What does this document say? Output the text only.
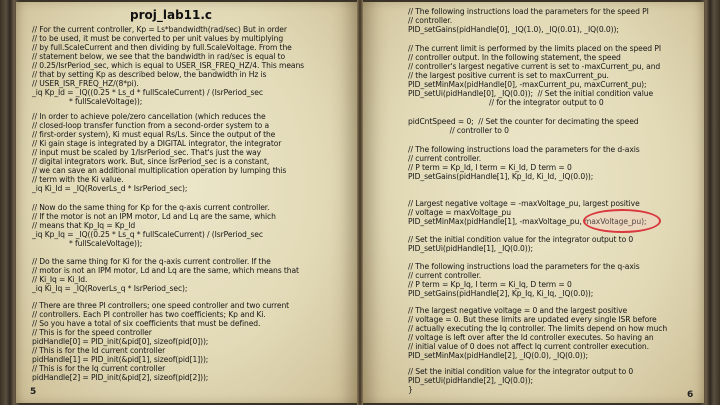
proj_lab11.c
// For the current controller, Kp = Ls*bandwidth(rad/sec) But in order
// to be used, it must be converted to per unit values by multiplying
// by full.ScaleCurrent and then dividing by full.ScaleVoltage. From the
// statement below, we see that the bandwidth in rad/sec is equal to
// 0.25/IsrPeriod_sec, which is equal to USER_ISR_FREQ_HZ/4. This means
// that by setting Kp as described below, the bandwidth in Hz is
// USER_ISR_FREQ_HZ/(8*pi).
_iq Kp_Id = _IQ((0.25 * Ls_d * fullScaleCurrent) / (IsrPeriod_sec
* fullScaleVoltage));
// In order to achieve pole/zero cancellation (which reduces the
// closed-loop transfer function from a second-order system to a
// first-order system), Ki must equal Rs/Ls. Since the output of the
// Ki gain stage is integrated by a DIGITAL integrator, the integrator
// input must be scaled by 1/IsrPeriod_sec. That's just the way
// digital integrators work. But, since IsrPeriod_sec is a constant,
// we can save an additional multiplication operation by lumping this
// term with the Ki value.
_iq Ki_Id = _IQ(RoverLs_d * IsrPeriod_sec);
// Now do the same thing for Kp for the q-axis current controller.
// If the motor is not an IPM motor, Ld and Lq are the same, which
// means that Kp_Iq = Kp_Id
_iq Kp_Iq = _IQ((0.25 * Ls_q * fullScaleCurrent) / (IsrPeriod_sec
* fullScaleVoltage));
// Do the same thing for Ki for the q-axis current controller. If the
// motor is not an IPM motor, Ld and Lq are the same, which means that
// Ki_Iq = Ki_Id.
_iq Ki_Iq = _IQ(RoverLs_q * IsrPeriod_sec);
// There are three PI controllers; one speed controller and two current
// controllers. Each PI controller has two coefficients; Kp and Ki.
// So you have a total of six coefficients that must be defined.
// This is for the speed controller
pidHandle[0] = PID_init(&pid[0], sizeof(pid[0]));
// This is for the Id current controller
pidHandle[1] = PID_init(&pid[1], sizeof(pid[1]));
// This is for the Iq current controller
pidHandle[2] = PID_init(&pid[2], sizeof(pid[2]));
5
// The following instructions load the parameters for the speed PI
// controller.
PID_setGains(pidHandle[0], _IQ(1.0), _IQ(0.01), _IQ(0.0));
// The current limit is performed by the limits placed on the speed PI
// controller output. In the following statement, the speed
// controller's largest negative current is set to -maxCurrent_pu, and
// the largest positive current is set to maxCurrent_pu.
PID_setMinMax(pidHandle[0], -maxCurrent_pu, maxCurrent_pu);
PID_setUi(pidHandle[0], _IQ(0.0));  // Set the initial condition value
// for the integrator output to 0
pidCntSpeed = 0;  // Set the counter for decimating the speed
// controller to 0
// The following instructions load the parameters for the d-axis
// current controller.
// P term = Kp_Id, I term = Ki_Id, D term = 0
PID_setGains(pidHandle[1], Kp_Id, Ki_Id, _IQ(0.0));
// Largest negative voltage = -maxVoltage_pu, largest positive
// voltage = maxVoltage_pu
PID_setMinMax(pidHandle[1], -maxVoltage_pu, maxVoltage_pu);
// Set the initial condition value for the integrator output to 0
PID_setUi(pidHandle[1], _IQ(0.0));
// The following instructions load the parameters for the q-axis
// current controller.
// P term = Kp_Iq, I term = Ki_Iq, D term = 0
PID_setGains(pidHandle[2], Kp_Iq, Ki_Iq, _IQ(0.0));
// The largest negative voltage = 0 and the largest positive
// voltage = 0. But these limits are updated every single ISR before
// actually executing the Iq controller. The limits depend on how much
// voltage is left over after the Id controller executes. So having an
// initial value of 0 does not affect Iq current controller execution.
PID_setMinMax(pidHandle[2], _IQ(0.0), _IQ(0.0));
// Set the initial condition value for the integrator output to 0
PID_setUi(pidHandle[2], _IQ(0.0));
}
6
